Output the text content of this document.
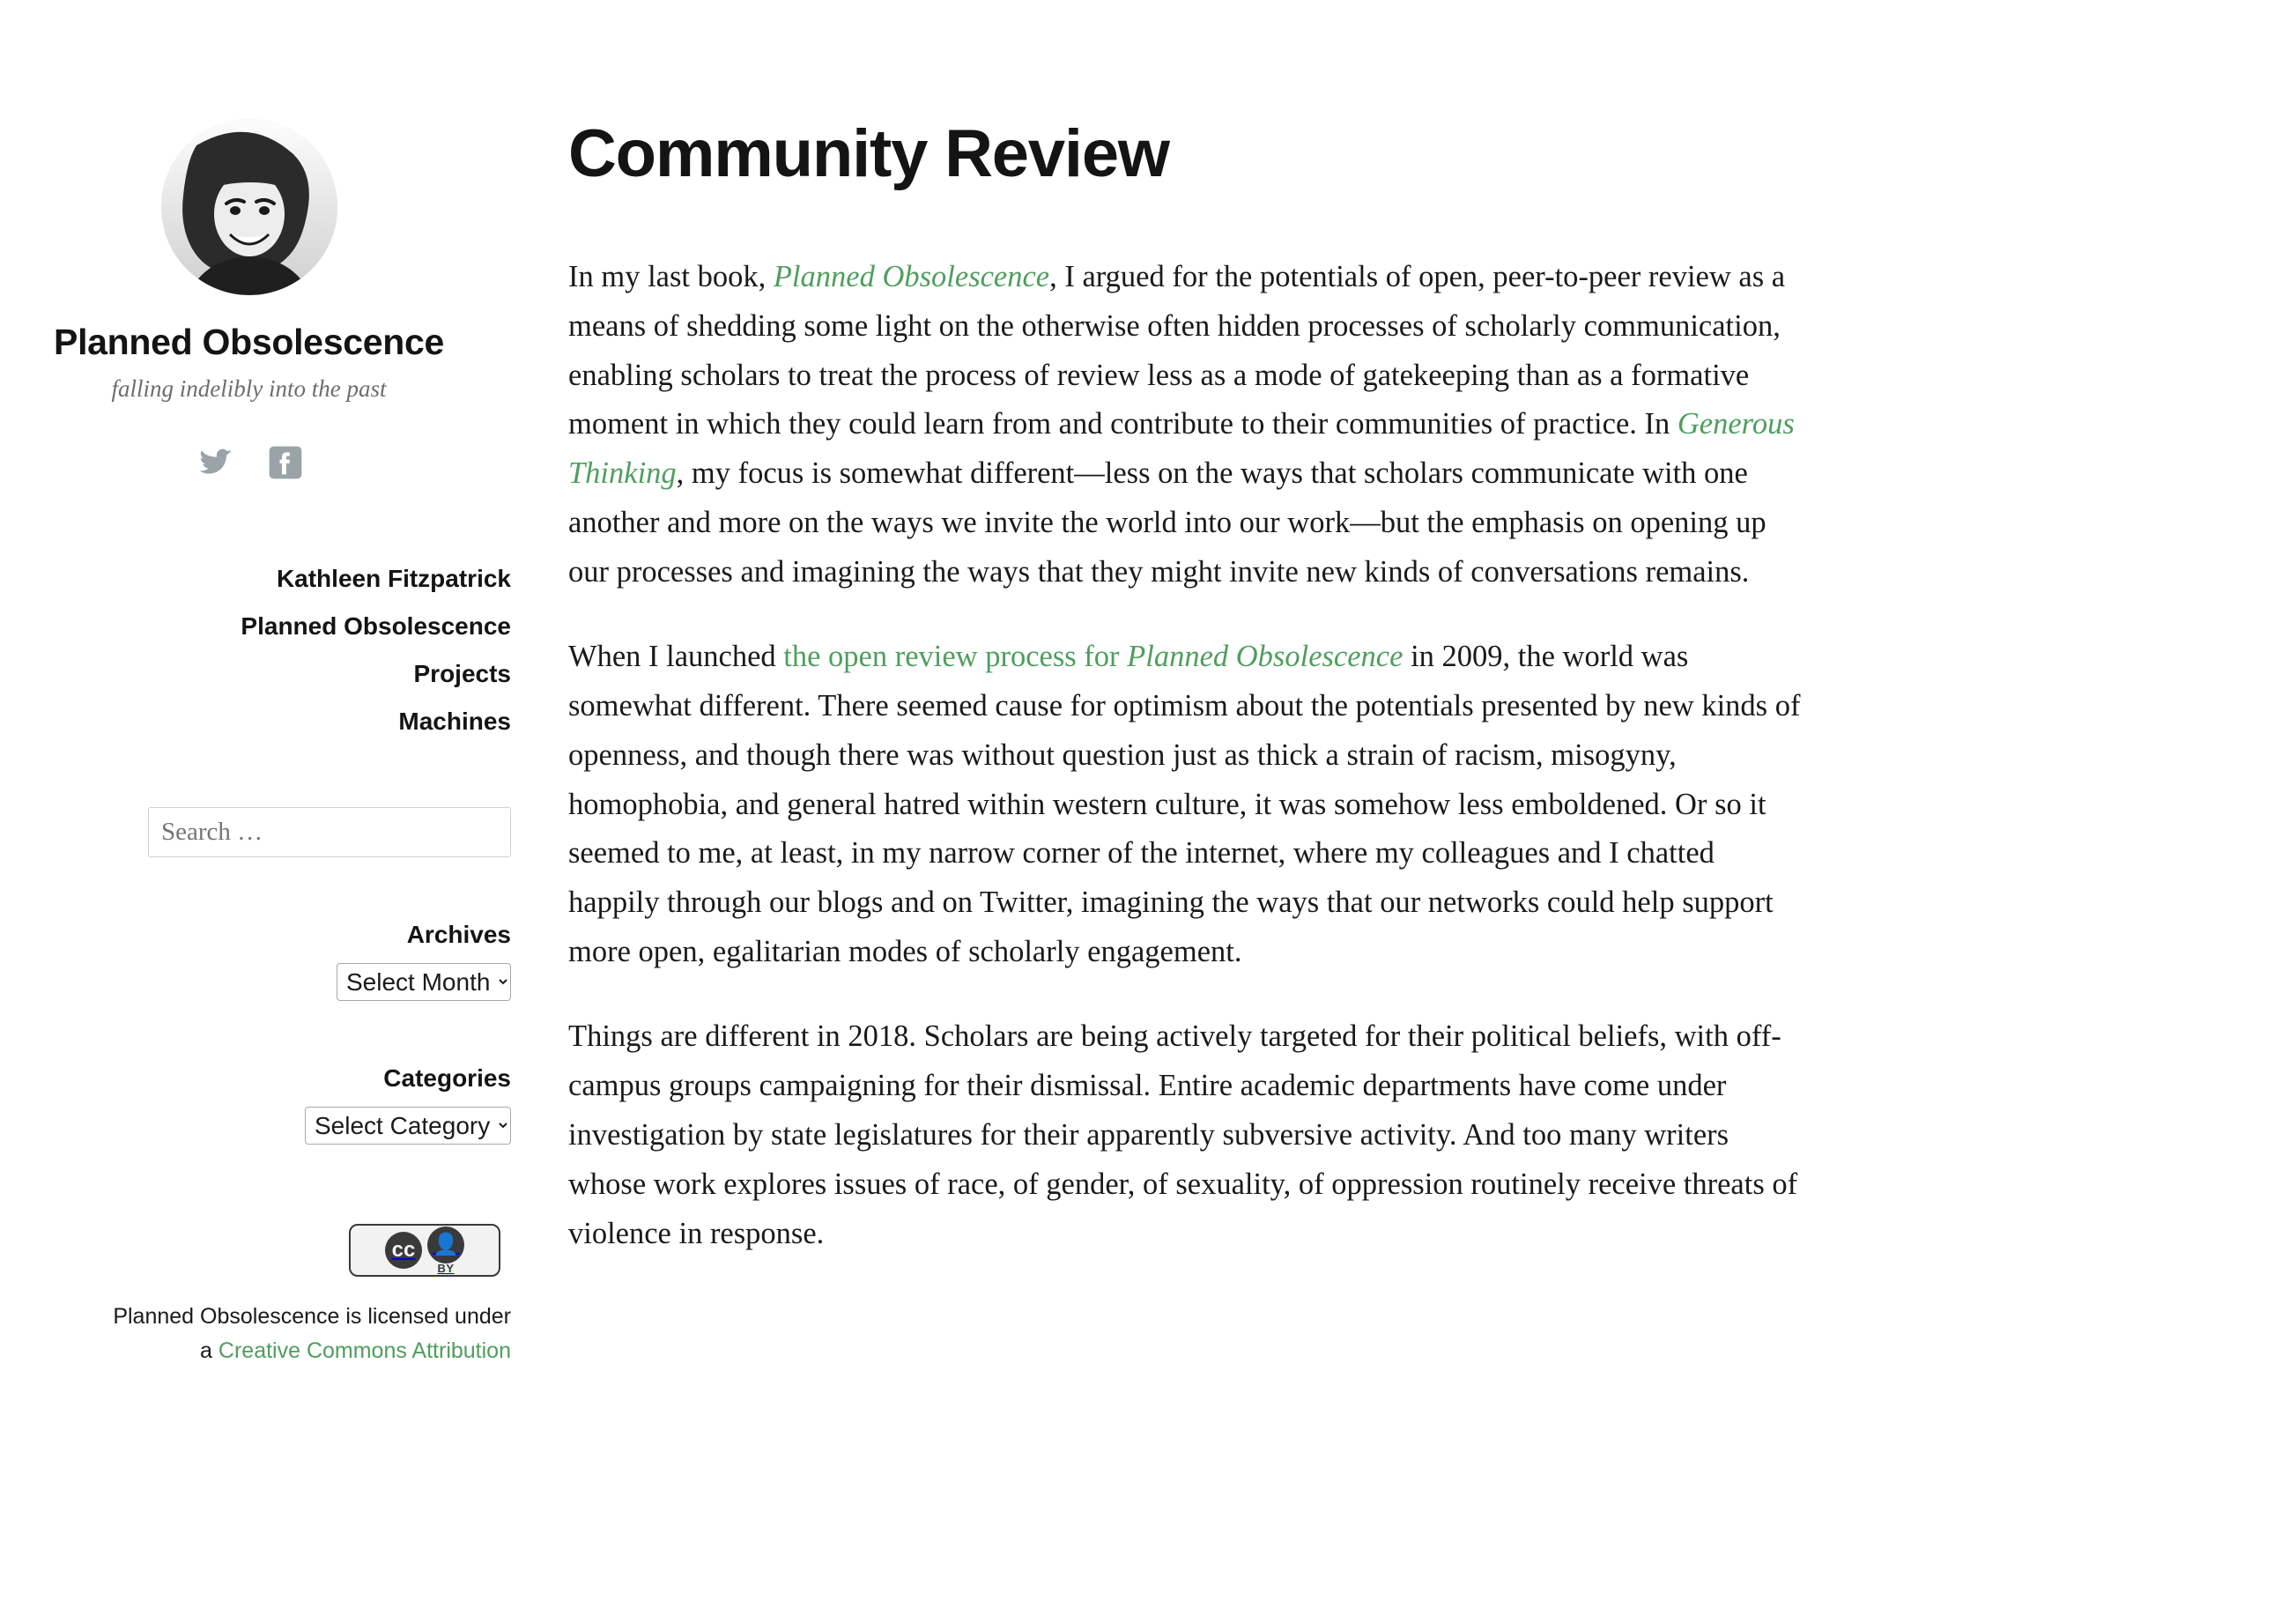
Planned Obsolescence
falling indelibly into the past
Kathleen Fitzpatrick
Planned Obsolescence
Projects
Machines
Search …
Archives
Select Month
Categories
Select Category
cc 👤
BY
Planned Obsolescence is licensed under a Creative Commons Attribution
Community Review

In my last book, Planned Obsolescence, I argued for the potentials of open, peer-to-peer review as a means of shedding some light on the otherwise often hidden processes of scholarly communication, enabling scholars to treat the process of review less as a mode of gatekeeping than as a formative moment in which they could learn from and contribute to their communities of practice. In Generous Thinking, my focus is somewhat different—less on the ways that scholars communicate with one another and more on the ways we invite the world into our work—but the emphasis on opening up our processes and imagining the ways that they might invite new kinds of conversations remains.

When I launched the open review process for Planned Obsolescence in 2009, the world was somewhat different. There seemed cause for optimism about the potentials presented by new kinds of openness, and though there was without question just as thick a strain of racism, misogyny, homophobia, and general hatred within western culture, it was somehow less emboldened. Or so it seemed to me, at least, in my narrow corner of the internet, where my colleagues and I chatted happily through our blogs and on Twitter, imagining the ways that our networks could help support more open, egalitarian modes of scholarly engagement.

Things are different in 2018. Scholars are being actively targeted for their political beliefs, with off-campus groups campaigning for their dismissal. Entire academic departments have come under investigation by state legislatures for their apparently subversive activity. And too many writers whose work explores issues of race, of gender, of sexuality, of oppression routinely receive threats of violence in response.
